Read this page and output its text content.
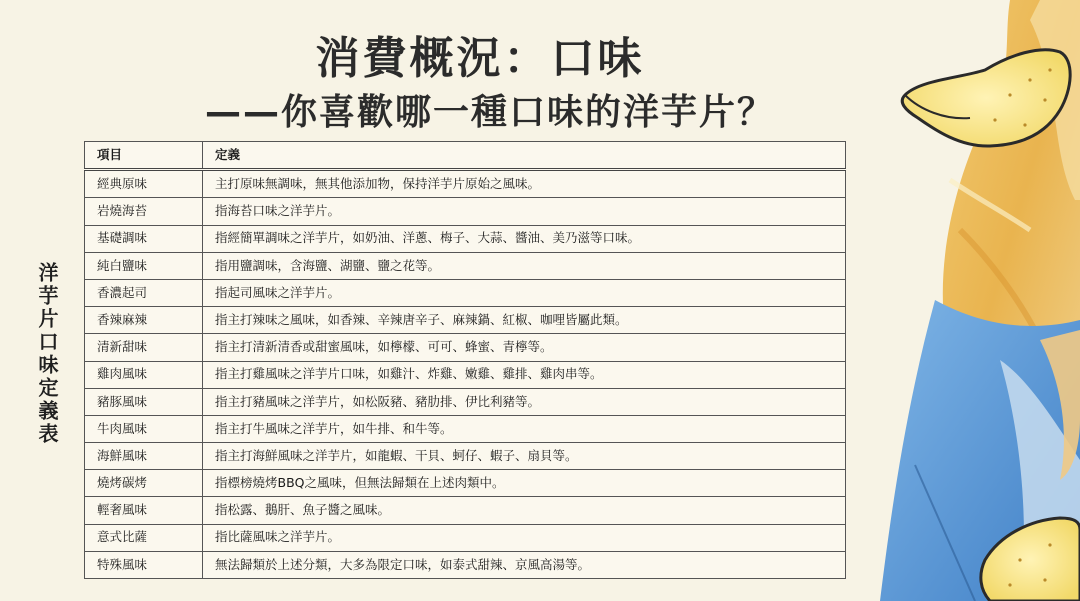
消費概況：口味
——你喜歡哪一種口味的洋芋片？
洋芋片口味定義表
項目	定義
經典原味	主打原味無調味，無其他添加物，保持洋芋片原始之風味。
岩燒海苔	指海苔口味之洋芋片。
基礎調味	指經簡單調味之洋芋片，如奶油、洋蔥、梅子、大蒜、醬油、美乃滋等口味。
純白鹽味	指用鹽調味，含海鹽、湖鹽、鹽之花等。
香濃起司	指起司風味之洋芋片。
香辣麻辣	指主打辣味之風味，如香辣、辛辣唐辛子、麻辣鍋、紅椒、咖哩皆屬此類。
清新甜味	指主打清新清香或甜蜜風味，如檸檬、可可、蜂蜜、青檸等。
雞肉風味	指主打雞風味之洋芋片口味，如雞汁、炸雞、嫩雞、雞排、雞肉串等。
豬豚風味	指主打豬風味之洋芋片，如松阪豬、豬肋排、伊比利豬等。
牛肉風味	指主打牛風味之洋芋片，如牛排、和牛等。
海鮮風味	指主打海鮮風味之洋芋片，如龍蝦、干貝、蚵仔、蝦子、扇貝等。
燒烤碳烤	指標榜燒烤BBQ之風味，但無法歸類在上述肉類中。
輕奢風味	指松露、鵝肝、魚子醬之風味。
意式比薩	指比薩風味之洋芋片。
特殊風味	無法歸類於上述分類，大多為限定口味，如泰式甜辣、京風高湯等。
